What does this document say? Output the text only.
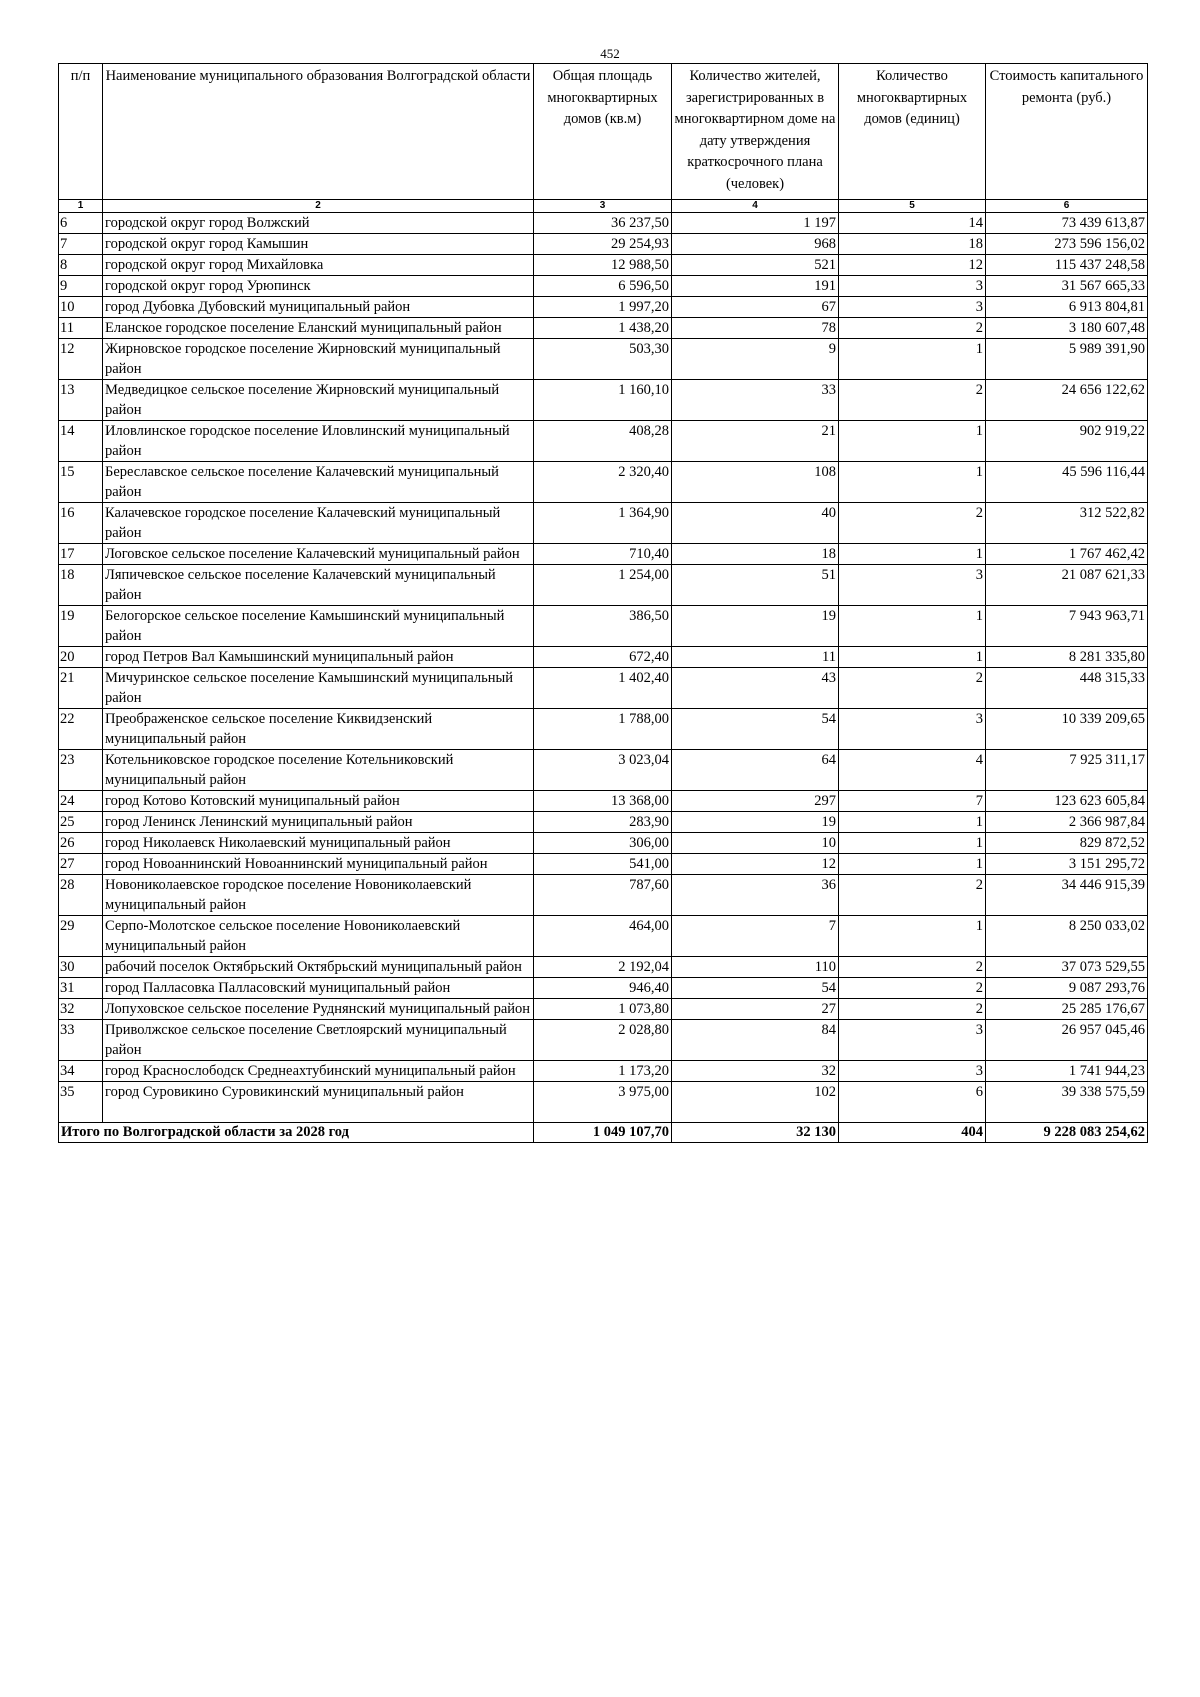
452
п/п	Наименование муниципального образования Волгоградской области	Общая площадь многоквартирных домов (кв.м)	Количество жителей, зарегистрированных в многоквартирном доме на дату утверждения краткосрочного плана (человек)	Количество многоквартирных домов (единиц)	Стоимость капитального ремонта (руб.)
1	2	3	4	5	6
6	городской округ город Волжский	36 237,50	1 197	14	73 439 613,87
7	городской округ город Камышин	29 254,93	968	18	273 596 156,02
8	городской округ город Михайловка	12 988,50	521	12	115 437 248,58
9	городской округ город Урюпинск	6 596,50	191	3	31 567 665,33
10	город Дубовка Дубовский муниципальный район	1 997,20	67	3	6 913 804,81
11	Еланское городское поселение Еланский муниципальный район	1 438,20	78	2	3 180 607,48
12	Жирновское городское поселение Жирновский муниципальный район	503,30	9	1	5 989 391,90
13	Медведицкое сельское поселение Жирновский муниципальный район	1 160,10	33	2	24 656 122,62
14	Иловлинское городское поселение Иловлинский муниципальный район	408,28	21	1	902 919,22
15	Береславское сельское поселение Калачевский муниципальный район	2 320,40	108	1	45 596 116,44
16	Калачевское городское поселение Калачевский муниципальный район	1 364,90	40	2	312 522,82
17	Логовское сельское поселение Калачевский муниципальный район	710,40	18	1	1 767 462,42
18	Ляпичевское сельское поселение Калачевский муниципальный район	1 254,00	51	3	21 087 621,33
19	Белогорское сельское поселение Камышинский муниципальный район	386,50	19	1	7 943 963,71
20	город Петров Вал Камышинский муниципальный район	672,40	11	1	8 281 335,80
21	Мичуринское сельское поселение Камышинский муниципальный район	1 402,40	43	2	448 315,33
22	Преображенское сельское поселение Киквидзенский муниципальный район	1 788,00	54	3	10 339 209,65
23	Котельниковское городское поселение Котельниковский муниципальный район	3 023,04	64	4	7 925 311,17
24	город Котово Котовский муниципальный район	13 368,00	297	7	123 623 605,84
25	город Ленинск Ленинский муниципальный район	283,90	19	1	2 366 987,84
26	город Николаевск Николаевский муниципальный район	306,00	10	1	829 872,52
27	город Новоаннинский Новоаннинский муниципальный район	541,00	12	1	3 151 295,72
28	Новониколаевское городское поселение Новониколаевский муниципальный район	787,60	36	2	34 446 915,39
29	Серпо-Молотское сельское поселение Новониколаевский муниципальный район	464,00	7	1	8 250 033,02
30	рабочий поселок Октябрьский Октябрьский муниципальный район	2 192,04	110	2	37 073 529,55
31	город Палласовка Палласовский муниципальный район	946,40	54	2	9 087 293,76
32	Лопуховское сельское поселение Руднянский муниципальный район	1 073,80	27	2	25 285 176,67
33	Приволжское сельское поселение Светлоярский муниципальный район	2 028,80	84	3	26 957 045,46
34	город Краснослободск Среднеахтубинский муниципальный район	1 173,20	32	3	1 741 944,23
35	город Суровикино Суровикинский муниципальный район	3 975,00	102	6	39 338 575,59
Итого по Волгоградской области за 2028 год		1 049 107,70	32 130	404	9 228 083 254,62
